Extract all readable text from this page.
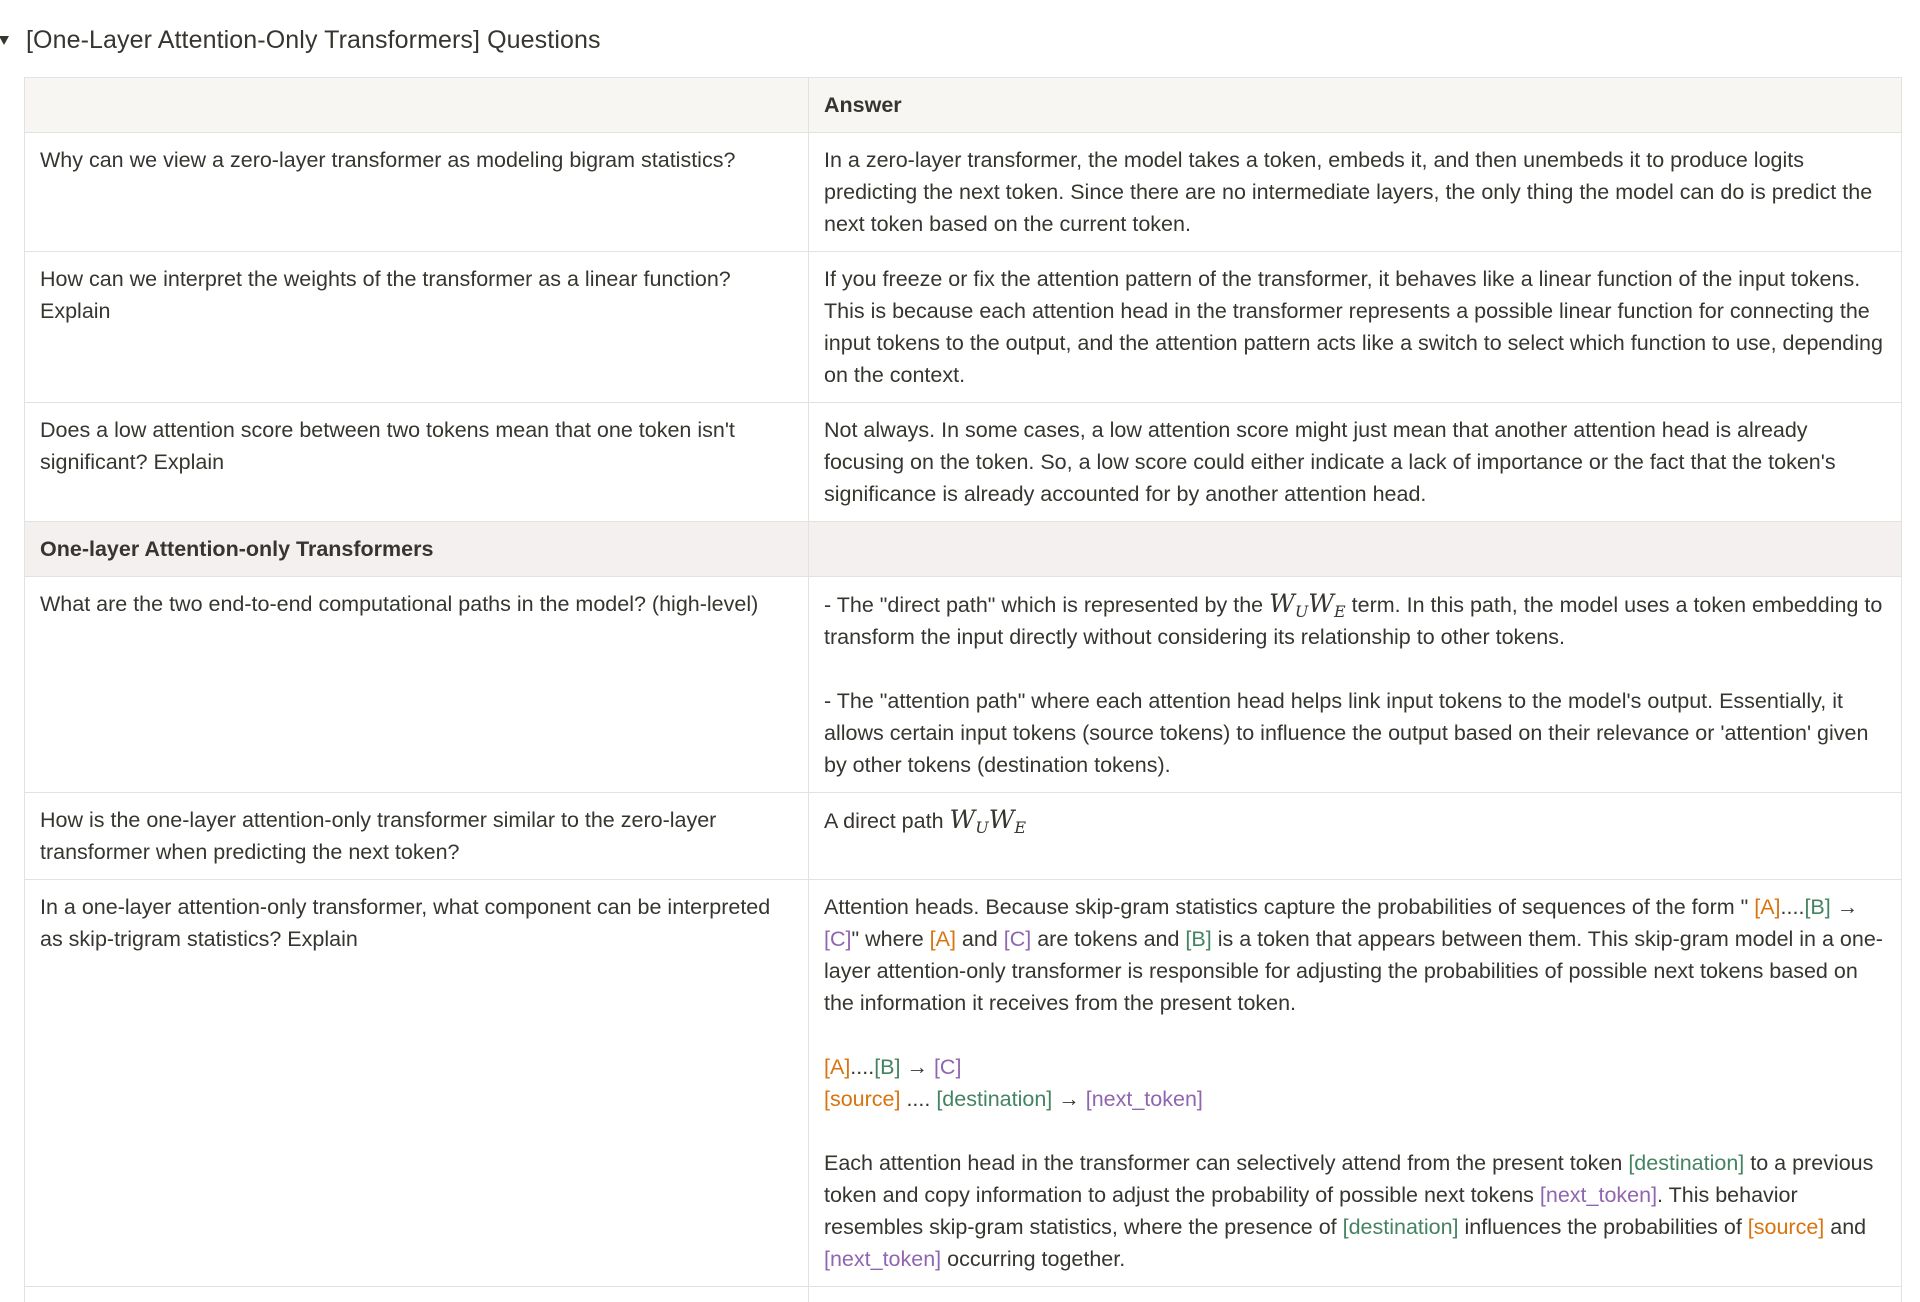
[One-Layer Attention-Only Transformers] Questions
	Answer
Why can we view a zero-layer transformer as modeling bigram statistics?	In a zero-layer transformer, the model takes a token, embeds it, and then unembeds it to produce logits predicting the next token. Since there are no intermediate layers, the only thing the model can do is predict the next token based on the current token.
How can we interpret the weights of the transformer as a linear function? Explain	If you freeze or fix the attention pattern of the transformer, it behaves like a linear function of the input tokens. This is because each attention head in the transformer represents a possible linear function for connecting the input tokens to the output, and the attention pattern acts like a switch to select which function to use, depending on the context.
Does a low attention score between two tokens mean that one token isn't significant? Explain	Not always. In some cases, a low attention score might just mean that another attention head is already focusing on the token. So, a low score could either indicate a lack of importance or the fact that the token's significance is already accounted for by another attention head.
One-layer Attention-only Transformers	
What are the two end-to-end computational paths in the model? (high-level)	- The "direct path" which is represented by the $W_UW_E$ term. In this path, the model uses a token embedding to transform the input directly without considering its relationship to other tokens.

- The "attention path" where each attention head helps link input tokens to the model's output. Essentially, it allows certain input tokens (source tokens) to influence the output based on their relevance or 'attention' given by other tokens (destination tokens).

How is the one-layer attention-only transformer similar to the zero-layer transformer when predicting the next token?	A direct path $W_UW_E$
In a one-layer attention-only transformer, what component can be interpreted as skip-trigram statistics? Explain	Attention heads. Because skip-gram statistics capture the probabilities of sequences of the form " [A]....[B] → [C]" where [A] and [C] are tokens and [B] is a token that appears between them. This skip-gram model in a one-layer attention-only transformer is responsible for adjusting the probabilities of possible next tokens based on the information it receives from the present token.

[A]....[B] → [C]

[source] .... [destination] → [next_token]

Each attention head in the transformer can selectively attend from the present token [destination] to a previous token and copy information to adjust the probability of possible next tokens [next_token]. This behavior resembles skip-gram statistics, where the presence of [destination] influences the probabilities of [source] and [next_token] occurring together.
